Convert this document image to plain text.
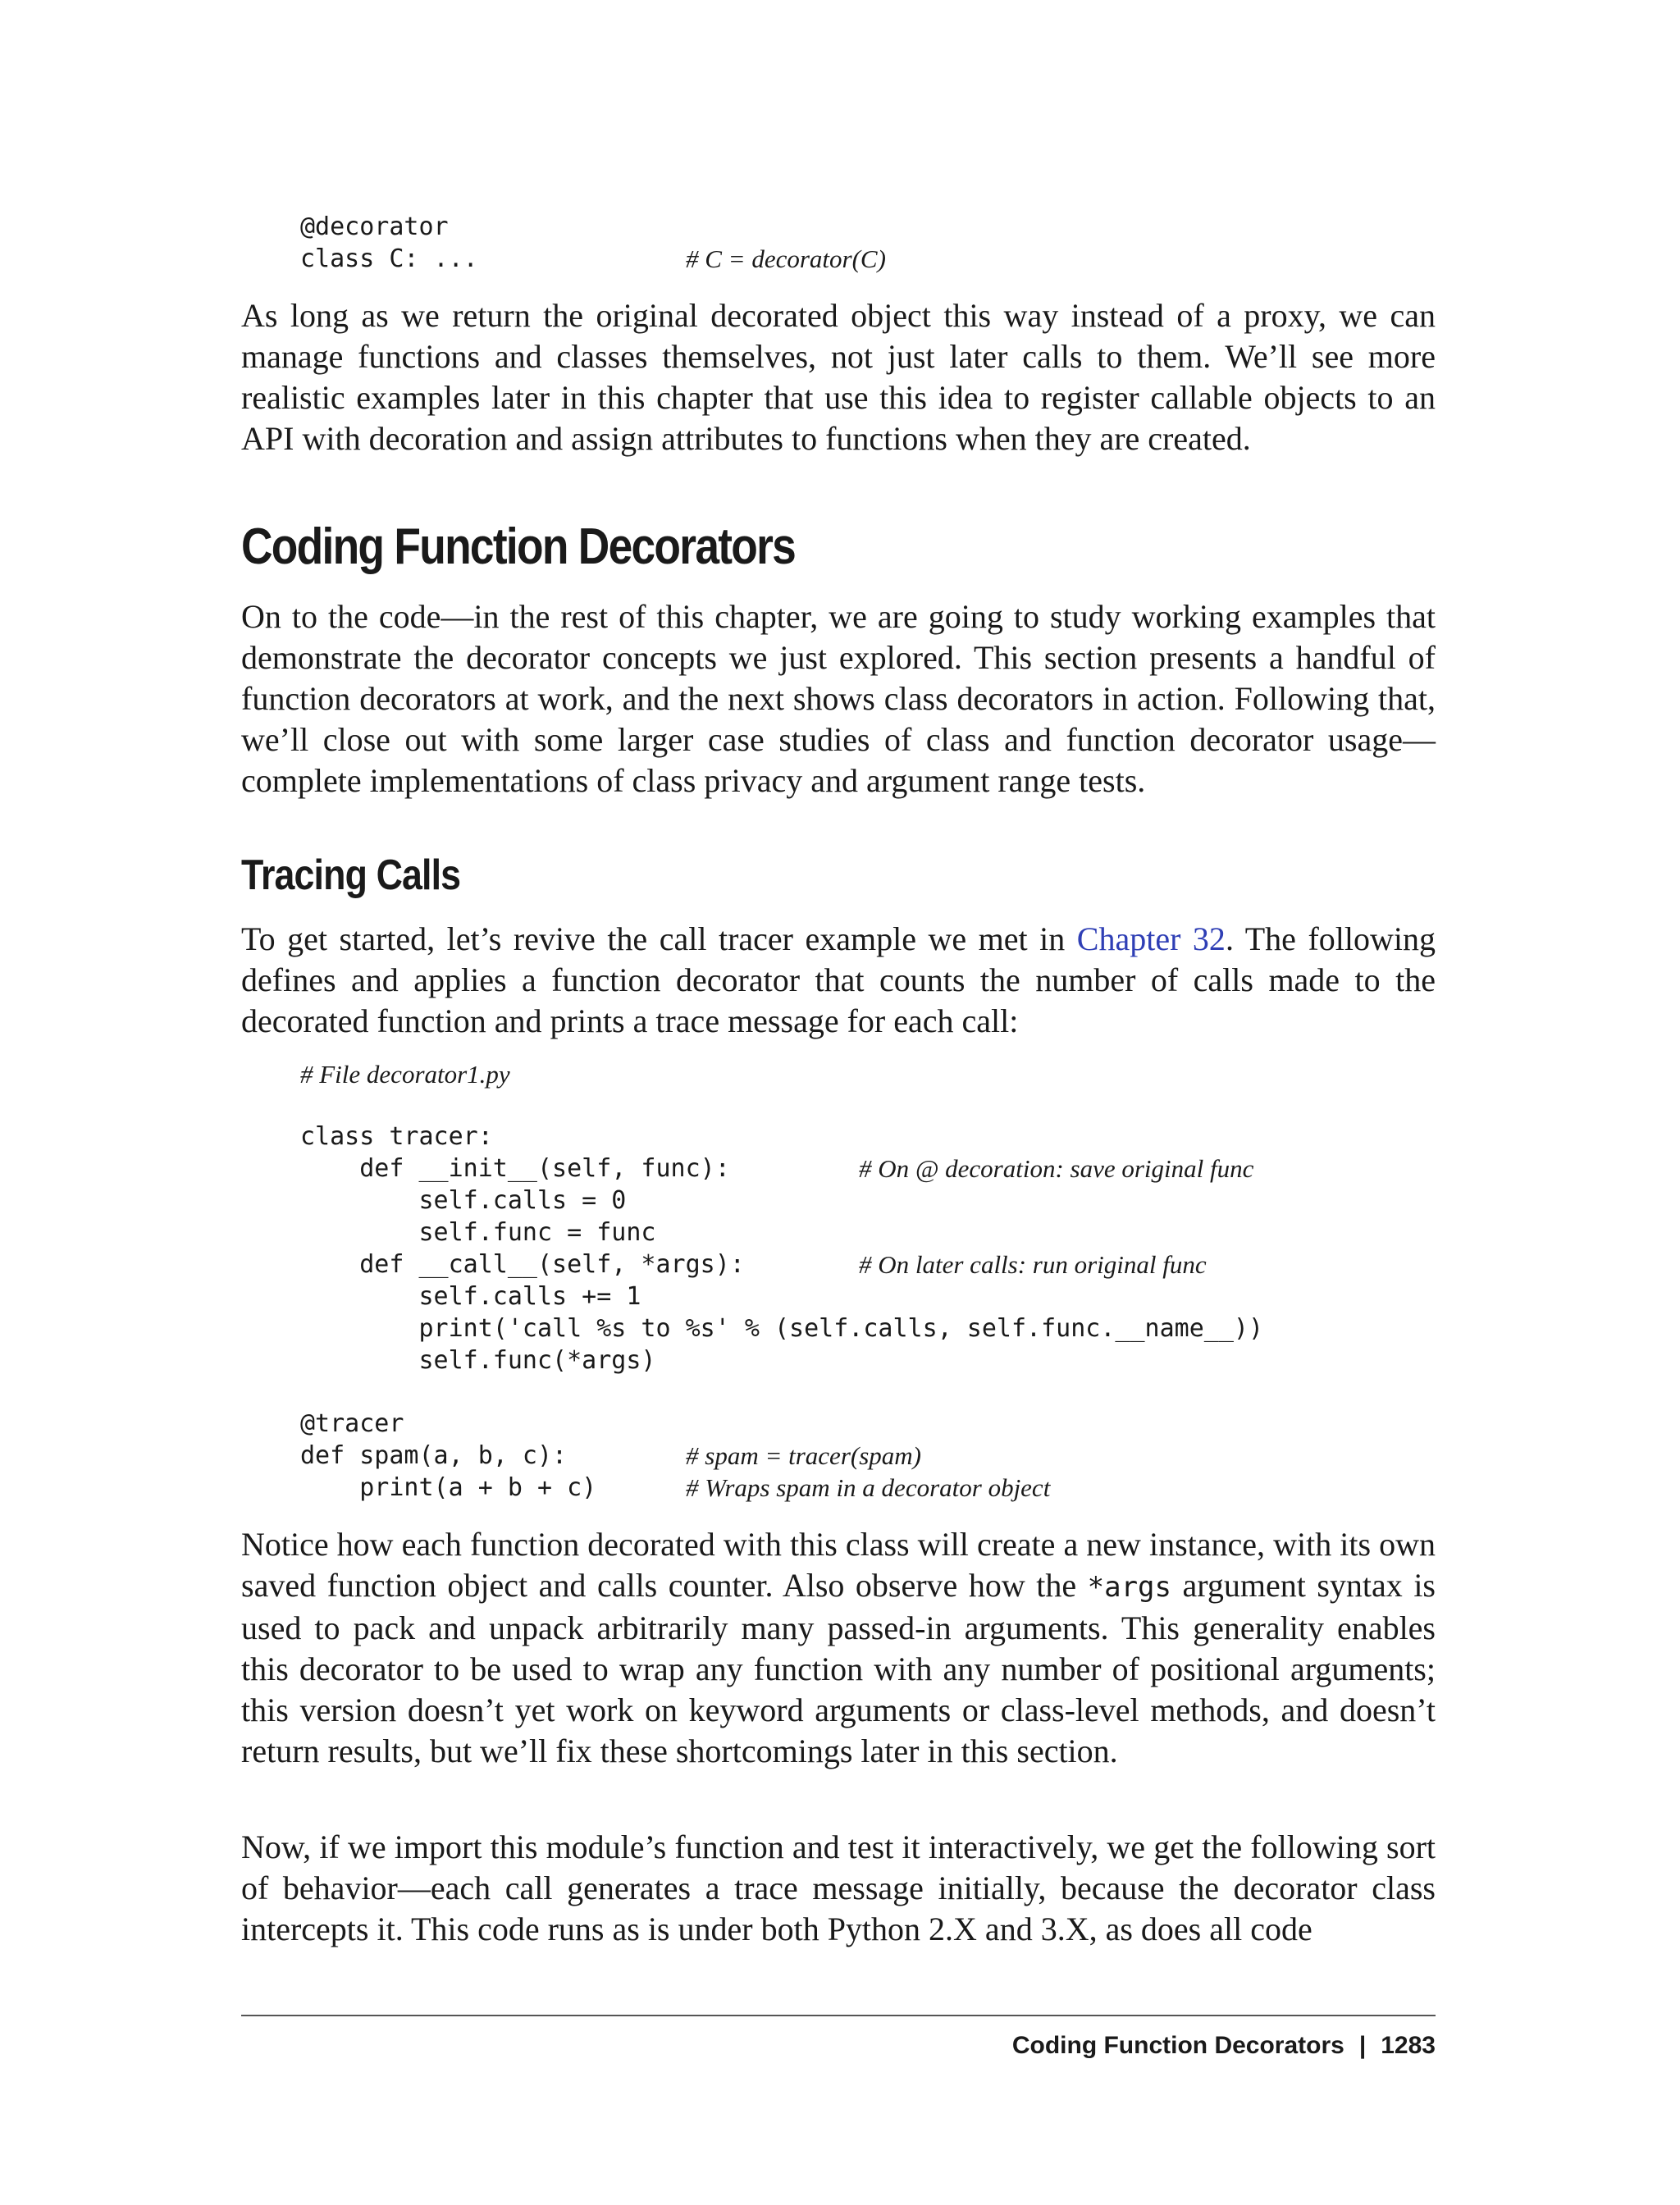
@decorator
class C: ...	# C = decorator(C)

As long as we return the original decorated object this way instead of a proxy, we can manage functions and classes themselves, not just later calls to them. We’ll see more realistic examples later in this chapter that use this idea to register callable objects to an API with decoration and assign attributes to functions when they are created.

Coding Function Decorators

On to the code—in the rest of this chapter, we are going to study working examples that demonstrate the decorator concepts we just explored. This section presents a handful of function decorators at work, and the next shows class decorators in action. Following that, we’ll close out with some larger case studies of class and function decorator usage—complete implementations of class privacy and argument range tests.

Tracing Calls

To get started, let’s revive the call tracer example we met in Chapter 32. The following defines and applies a function decorator that counts the number of calls made to the decorated function and prints a trace message for each call:

# File decorator1.py
class tracer:
def __init__(self, func):	# On @ decoration: save original func
self.calls = 0
self.func = func
def __call__(self, *args):	# On later calls: run original func
self.calls += 1
print('call %s to %s' % (self.calls, self.func.__name__))
self.func(*args)
@tracer
def spam(a, b, c):	# spam = tracer(spam)
print(a + b + c)	# Wraps spam in a decorator object

Notice how each function decorated with this class will create a new instance, with its own saved function object and calls counter. Also observe how the *args argument syntax is used to pack and unpack arbitrarily many passed-in arguments. This generality enables this decorator to be used to wrap any function with any number of positional arguments; this version doesn’t yet work on keyword arguments or class-level methods, and doesn’t return results, but we’ll fix these shortcomings later in this section.

Now, if we import this module’s function and test it interactively, we get the following sort of behavior—each call generates a trace message initially, because the decorator class intercepts it. This code runs as is under both Python 2.X and 3.X, as does all code

Coding Function Decorators | 1283
